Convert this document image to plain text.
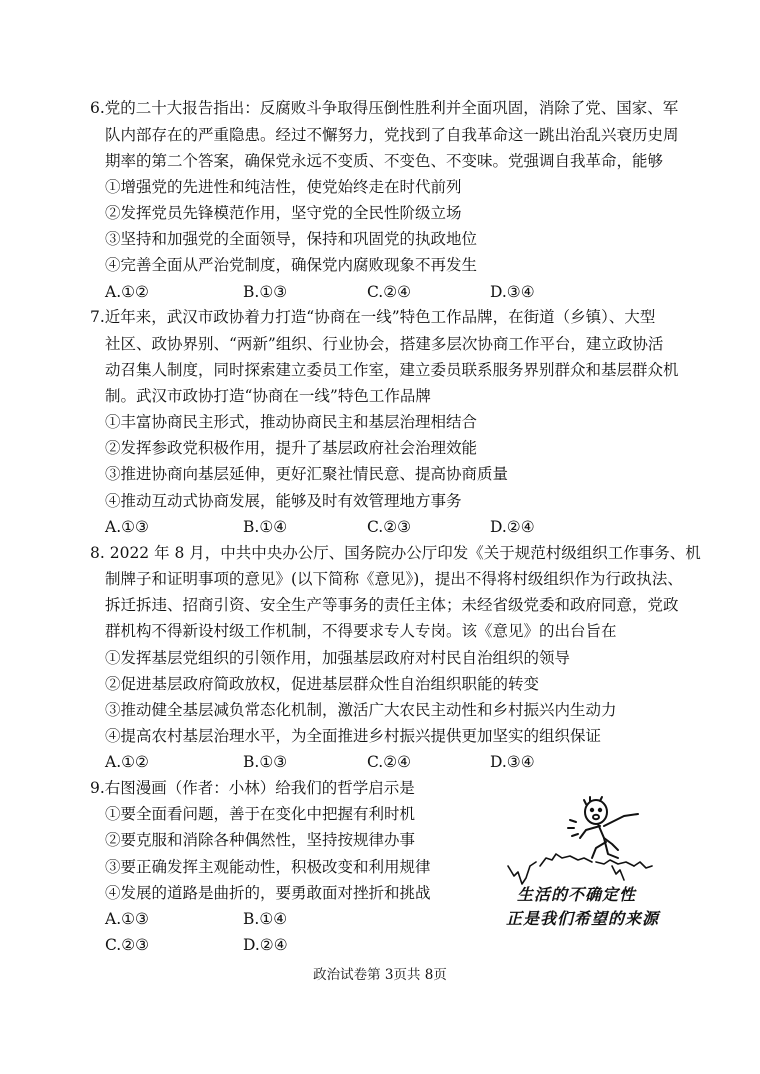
6.党的二十大报告指出：反腐败斗争取得压倒性胜利并全面巩固，消除了党、国家、军
队内部存在的严重隐患。经过不懈努力，党找到了自我革命这一跳出治乱兴衰历史周
期率的第二个答案，确保党永远不变质、不变色、不变味。党强调自我革命，能够
①增强党的先进性和纯洁性，使党始终走在时代前列
②发挥党员先锋模范作用，坚守党的全民性阶级立场
③坚持和加强党的全面领导，保持和巩固党的执政地位
④完善全面从严治党制度，确保党内腐败现象不再发生
A.①②	B.①③	C.②④	D.③④
7.近年来，武汉市政协着力打造“协商在一线”特色工作品牌，在街道（乡镇）、大型
社区、政协界别、“两新”组织、行业协会，搭建多层次协商工作平台，建立政协活
动召集人制度，同时探索建立委员工作室，建立委员联系服务界别群众和基层群众机
制。武汉市政协打造“协商在一线”特色工作品牌
①丰富协商民主形式，推动协商民主和基层治理相结合
②发挥参政党积极作用，提升了基层政府社会治理效能
③推进协商向基层延伸，更好汇聚社情民意、提高协商质量
④推动互动式协商发展，能够及时有效管理地方事务
A.①③	B.①④	C.②③	D.②④
8. 2022 年 8 月，中共中央办公厅、国务院办公厅印发《关于规范村级组织工作事务、机
制牌子和证明事项的意见》(以下简称《意见》)，提出不得将村级组织作为行政执法、
拆迁拆违、招商引资、安全生产等事务的责任主体；未经省级党委和政府同意，党政
群机构不得新设村级工作机制，不得要求专人专岗。该《意见》的出台旨在
①发挥基层党组织的引领作用，加强基层政府对村民自治组织的领导
②促进基层政府简政放权，促进基层群众性自治组织职能的转变
③推动健全基层减负常态化机制，激活广大农民主动性和乡村振兴内生动力
④提高农村基层治理水平，为全面推进乡村振兴提供更加坚实的组织保证
A.①②	B.①③	C.②④	D.③④
9.右图漫画（作者：小林）给我们的哲学启示是
①要全面看问题，善于在变化中把握有利时机
②要克服和消除各种偶然性，坚持按规律办事
③要正确发挥主观能动性，积极改变和利用规律
④发展的道路是曲折的，要勇敢面对挫折和挑战
A.①③	B.①④
C.②③	D.②④
生活的不确定性
正是我们希望的来源
政治试卷第 3页共 8页
